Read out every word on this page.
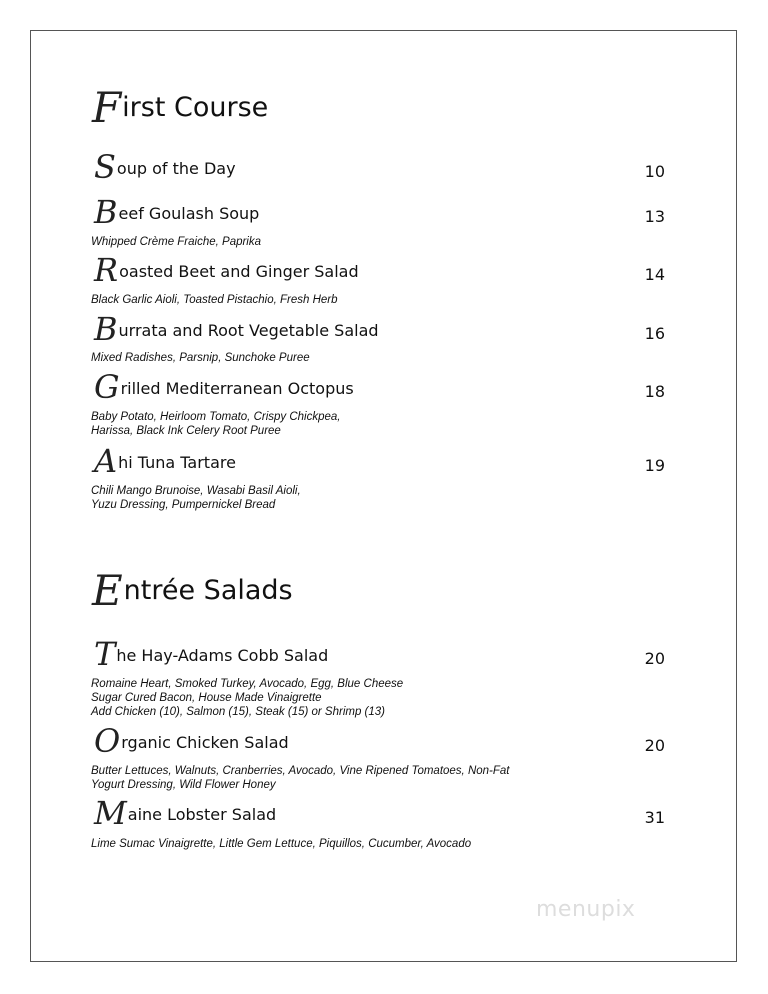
First Course
Soup of the Day	10
Beef Goulash Soup	13
Whipped Crème Fraiche, Paprika
Roasted Beet and Ginger Salad	14
Black Garlic Aioli, Toasted Pistachio, Fresh Herb
Burrata and Root Vegetable Salad	16
Mixed Radishes, Parsnip, Sunchoke Puree
Grilled Mediterranean Octopus	18
Baby Potato, Heirloom Tomato, Crispy Chickpea,
Harissa, Black Ink Celery Root Puree
Ahi Tuna Tartare	19
Chili Mango Brunoise, Wasabi Basil Aioli,
Yuzu Dressing, Pumpernickel Bread
Entrée Salads
The Hay-Adams Cobb Salad	20
Romaine Heart, Smoked Turkey, Avocado, Egg, Blue Cheese
Sugar Cured Bacon, House Made Vinaigrette
Add Chicken (10), Salmon (15), Steak (15) or Shrimp (13)
Organic Chicken Salad	20
Butter Lettuces, Walnuts, Cranberries, Avocado, Vine Ripened Tomatoes, Non-Fat
Yogurt Dressing, Wild Flower Honey
Maine Lobster Salad	31
Lime Sumac Vinaigrette, Little Gem Lettuce, Piquillos, Cucumber, Avocado
menupix
